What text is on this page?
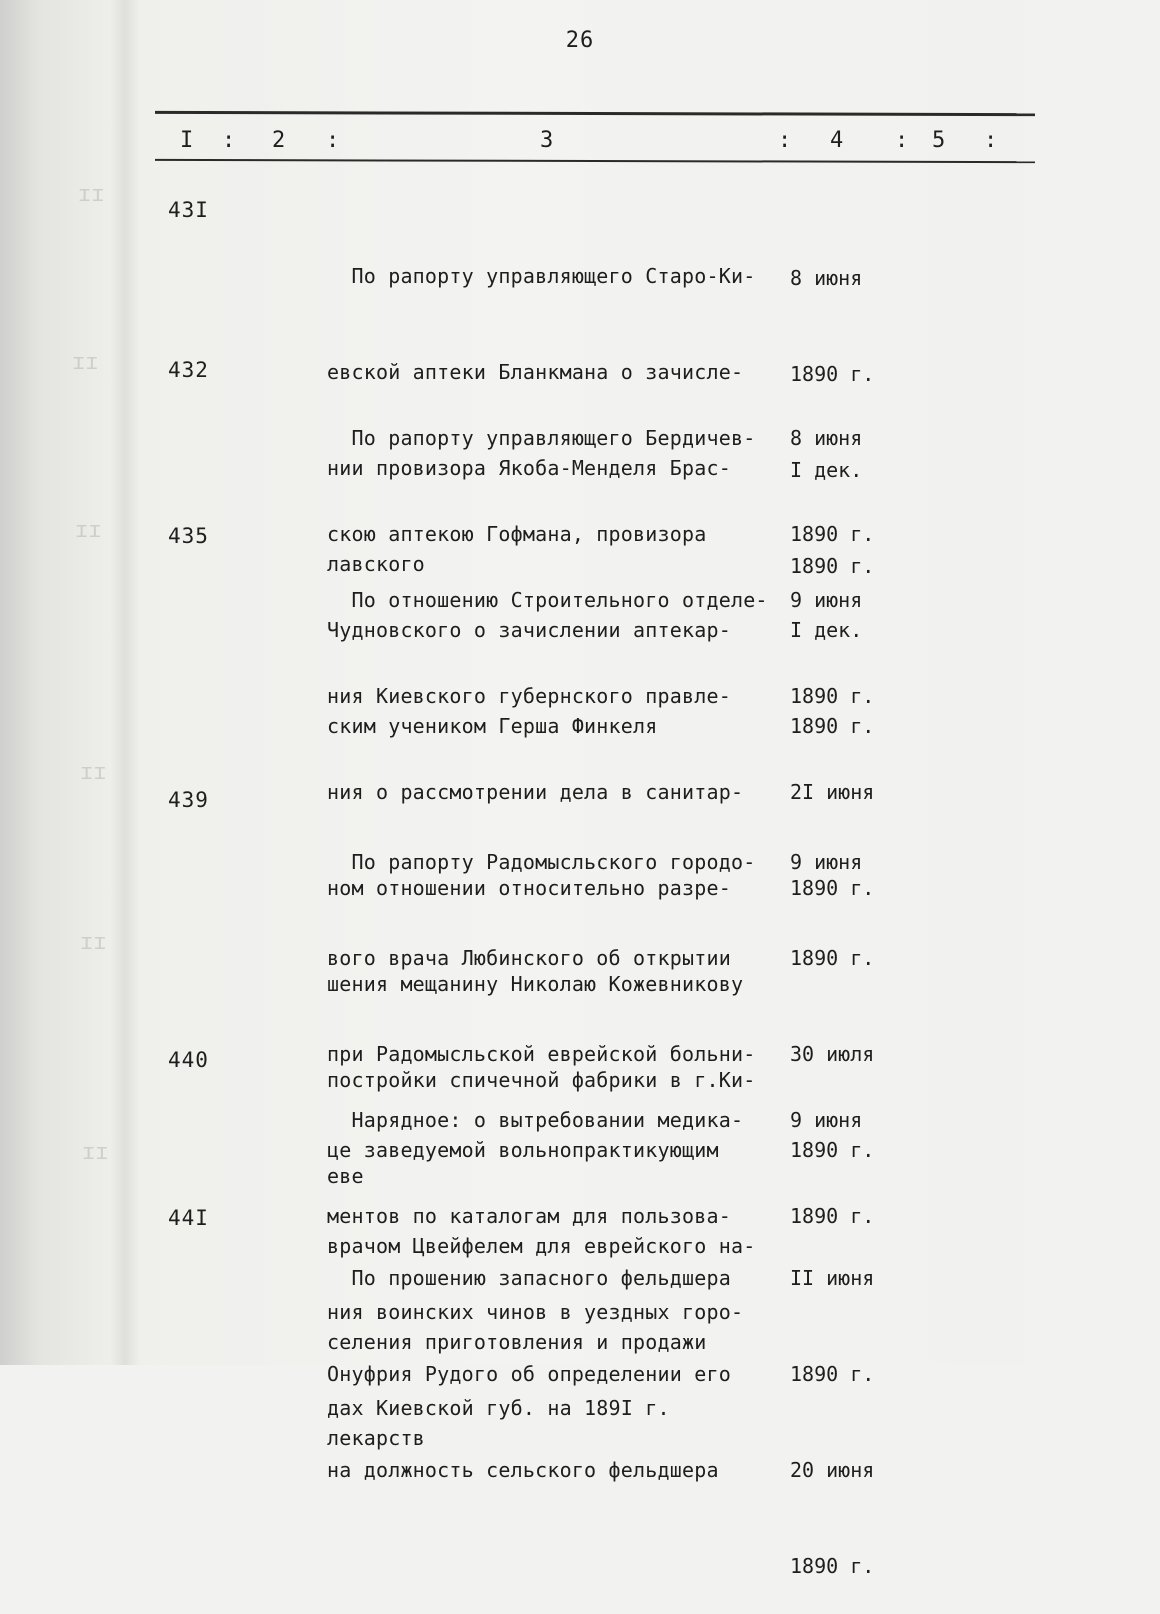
ɪɪ
ɪɪ
ɪɪ
ɪɪ
ɪɪ
ɪɪ
26
I : 2 :	3	: 4 : 5 :
43I

По рапорту управляющего Старо-Ки-

евской аптеки Бланкмана о зачисле-

нии провизора Якоба-Менделя Брас-

лавского

8 июня

1890 г.

I дек.

1890 г.

432

По рапорту управляющего Бердичев-

скою аптекою Гофмана, провизора

Чудновского о зачислении аптекар-

ским учеником Герша Финкеля

8 июня

1890 г.

I дек.

1890 г.

435

По отношению Строительного отделе-

ния Киевского губернского правле-

ния о рассмотрении дела в санитар-

ном отношении относительно разре-

шения мещанину Николаю Кожевникову

постройки спичечной фабрики в г.Ки-

еве

9 июня

1890 г.

2I июня

1890 г.

439

По рапорту Радомысльского городо-

вого врача Любинского об открытии

при Радомысльской еврейской больни-

це заведуемой вольнопрактикующим

врачом Цвейфелем для еврейского на-

селения приготовления и продажи

лекарств

9 июня

1890 г.

30 июля

1890 г.

440

Нарядное: о вытребовании медика-

ментов по каталогам для пользова-

ния воинских чинов в уездных горо-

дах Киевской губ. на 189I г.

9 июня

1890 г.

44I

По прошению запасного фельдшера

Онуфрия Рудого об определении его

на должность сельского фельдшера

II июня

1890 г.

20 июня

1890 г.
